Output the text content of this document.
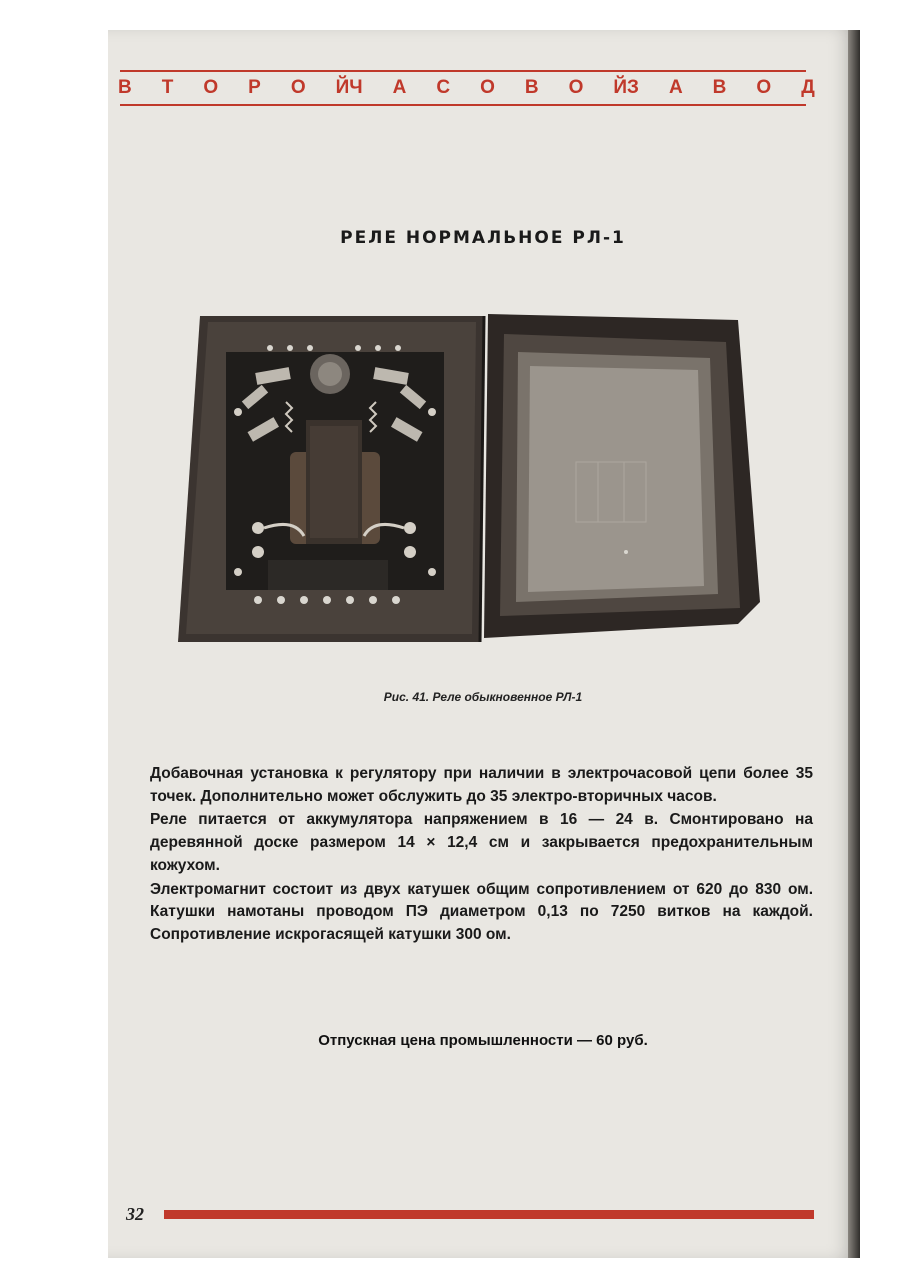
В Т О Р О Й Ч А С О В О Й З А В О Д
РЕЛЕ НОРМАЛЬНОЕ РЛ-1
Рис. 41. Реле обыкновенное РЛ-1

Добавочная установка к регулятору при наличии в электрочасовой цепи более 35 точек. Дополнительно может обслужить до 35 электро-вторичных часов.

Реле питается от аккумулятора напряжением в 16 — 24 в. Смонтировано на деревянной доске размером 14 × 12,4 см и закрывается предохранительным кожухом.

Электромагнит состоит из двух катушек общим сопротивлением от 620 до 830 ом. Катушки намотаны проводом ПЭ диаметром 0,13 по 7250 витков на каждой. Сопротивление искрогасящей катушки 300 ом.

Отпускная цена промышленности — 60 руб.
32
